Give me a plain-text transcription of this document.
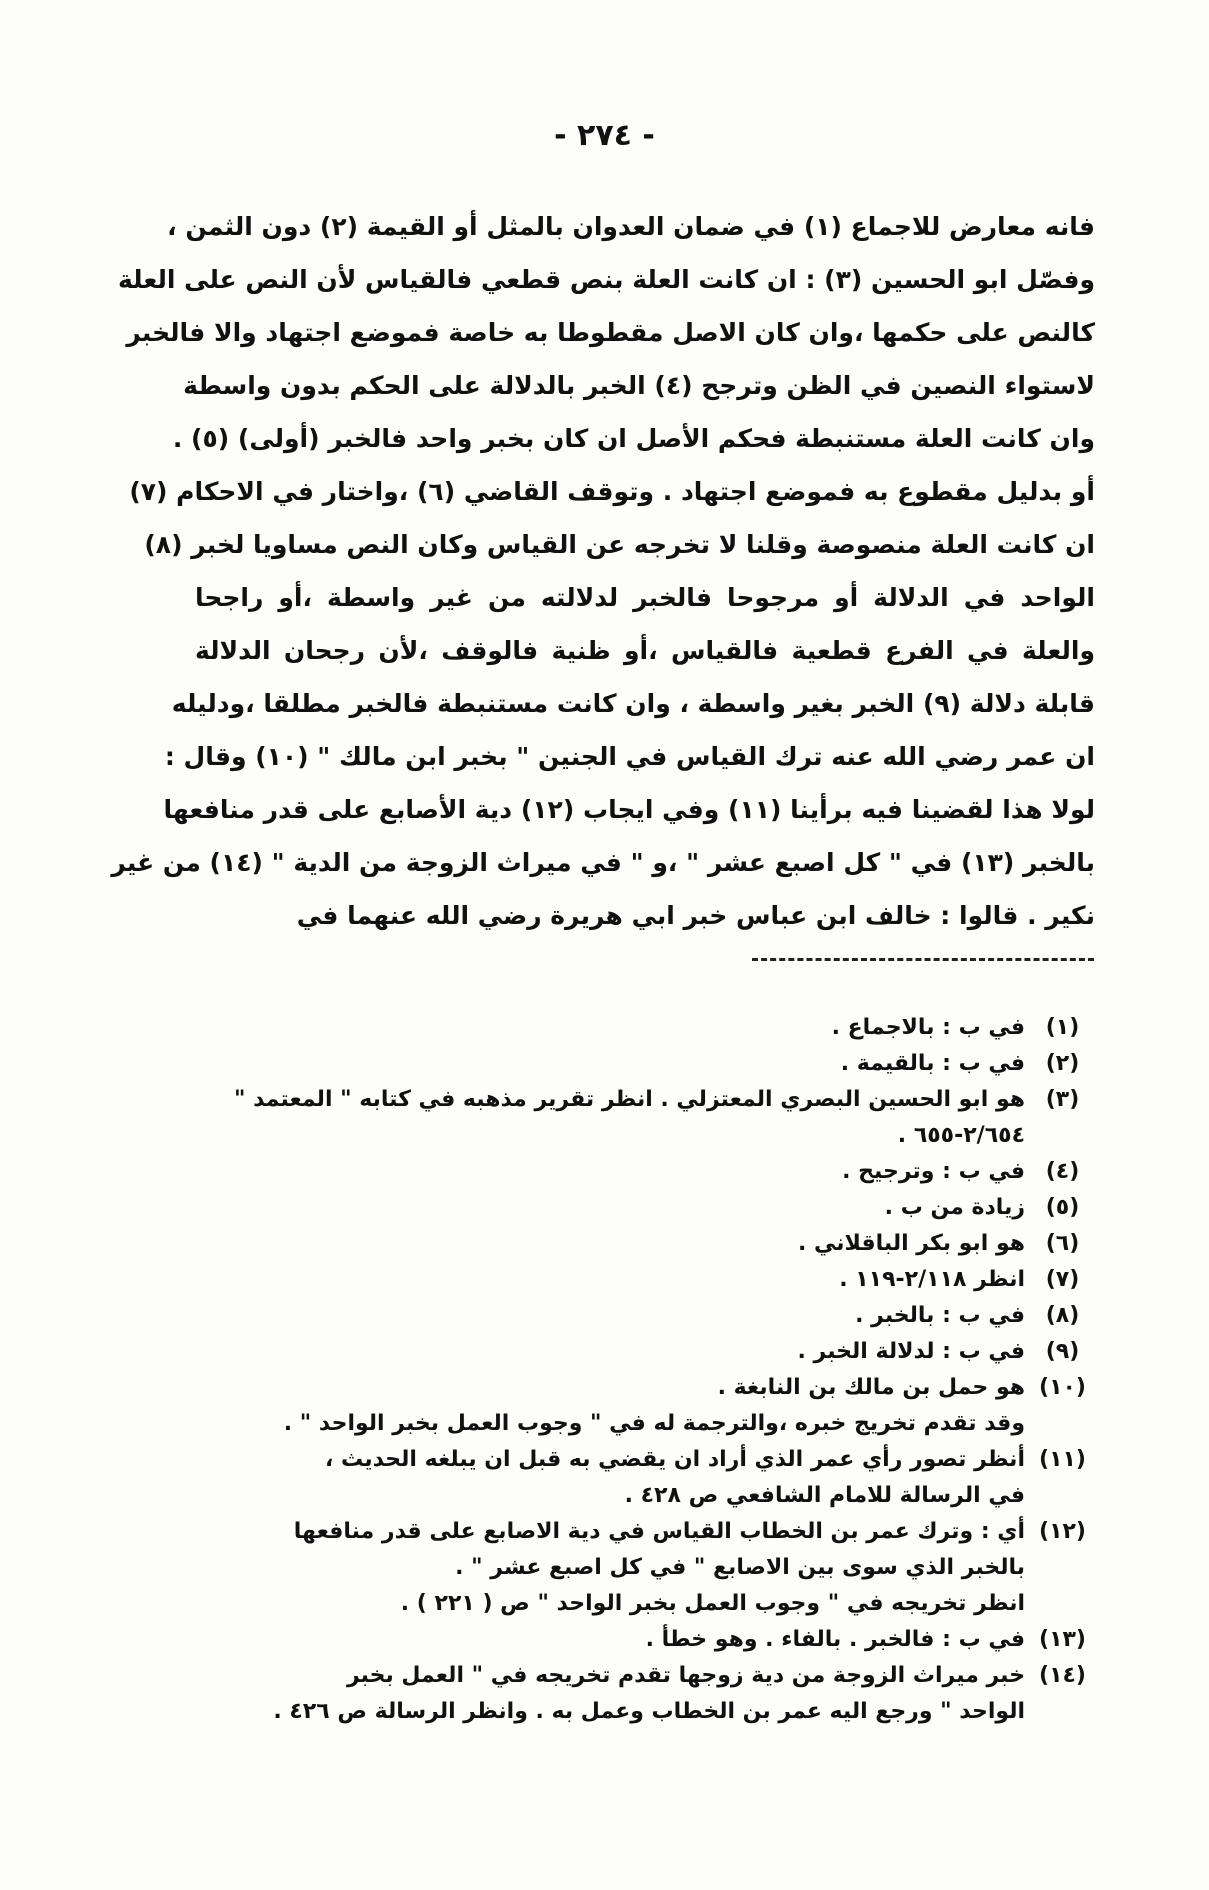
- ٢٧٤ -
فانه معارض للاجماع (١) في ضمان العدوان بالمثل أو القيمة (٢) دون الثمن ،
وفصّل ابو الحسين (٣) : ان كانت العلة بنص قطعي فالقياس لأن النص على العلة
كالنص على حكمها ،وان كان الاصل مقطوطا به خاصة فموضع اجتهاد والا فالخبر
لاستواء النصين في الظن وترجح (٤) الخبر بالدلالة على الحكم بدون واسطة
وان كانت العلة مستنبطة فحكم الأصل ان كان بخبر واحد فالخبر (أولى) (٥) .
أو بدليل مقطوع به فموضع اجتهاد . وتوقف القاضي (٦) ،واختار في الاحكام (٧)
ان كانت العلة منصوصة وقلنا لا تخرجه عن القياس وكان النص مساويا لخبر (٨)
الواحد في الدلالة أو مرجوحا فالخبر لدلالته من غير واسطة ،أو راجحا
والعلة في الفرع قطعية فالقياس ،أو ظنية فالوقف ،لأن رجحان الدلالة
قابلة دلالة (٩) الخبر بغير واسطة ، وان كانت مستنبطة فالخبر مطلقا ،ودليله
ان عمر رضي الله عنه ترك القياس في الجنين " بخبر ابن مالك " (١٠) وقال :
لولا هذا لقضينا فيه برأينا (١١) وفي ايجاب (١٢) دية الأصابع على قدر منافعها
بالخبر (١٣) في " كل اصبع عشر " ،و " في ميراث الزوجة من الدية " (١٤) من غير
نكير . قالوا : خالف ابن عباس خبر ابي هريرة رضي الله عنهما في
(١)
في ب : بالاجماع .
(٢)
في ب : بالقيمة .
(٣)
هو ابو الحسين البصري المعتزلي . انظر تقرير مذهبه في كتابه " المعتمد "
٢/٦٥٤-٦٥٥ .
(٤)
في ب : وترجيح .
(٥)
زيادة من ب .
(٦)
هو ابو بكر الباقلاني .
(٧)
انظر ٢/١١٨-١١٩ .
(٨)
في ب : بالخبر .
(٩)
في ب : لدلالة الخبر .
(١٠)
هو حمل بن مالك بن النابغة .
وقد تقدم تخريج خبره ،والترجمة له في " وجوب العمل بخبر الواحد " .
(١١)
أنظر تصور رأي عمر الذي أراد ان يقضي به قبل ان يبلغه الحديث ،
في الرسالة للامام الشافعي ص ٤٢٨ .
(١٢)
أي : وترك عمر بن الخطاب القياس في دية الاصابع على قدر منافعها
بالخبر الذي سوى بين الاصابع " في كل اصبع عشر " .
انظر تخريجه في " وجوب العمل بخبر الواحد " ص ( ٢٢١ ) .
(١٣)
في ب : فالخبر . بالفاء . وهو خطأ .
(١٤)
خبر ميراث الزوجة من دية زوجها تقدم تخريجه في " العمل بخبر
الواحد " ورجع اليه عمر بن الخطاب وعمل به . وانظر الرسالة ص ٤٢٦ .
